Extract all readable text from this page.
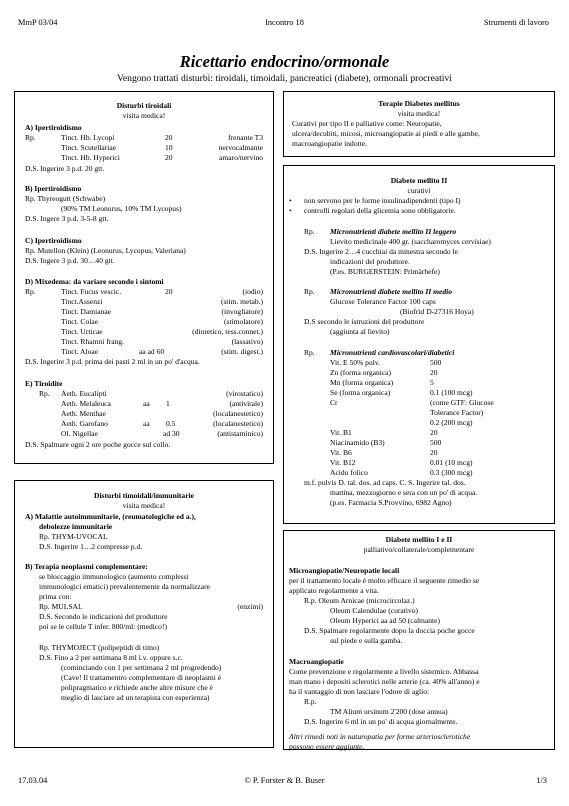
MmP 03/04	Incontro 18	Strumenti di lavoro
Ricettario endocrino/ormonale
Vengono trattati disturbi: tiroidali, timoidali, pancreatici (diabete), ormonali procreativi
Disturbi tiroidali
visita medica!
A) Ipertiroidismo
Rp.	Tinct. Hb. Lycopi	20	frenante T3
Tinct. Scutellariae	10	nervocalmante
Tinct. Hb. Hyperici	20	amaro/nervino
D.S. Ingerire 3 p.d. 20 gtt.
B) Ipertiroidismo
Rp. Thyreogutt (Schwabe)
(90% TM Leonurus, 10% TM Lycopus)
D.S. Ingere 3 p.d. 3-5-8 gtt.
C) Ipertiroidismo
Rp. Mutellon (Klein) (Leonurus, Lycopus, Valeriana)
D.S. Ingere 3 p.d. 30…40 gtt.
D) Mixedema: da variare secondo i sintomi
Rp.	Tinct. Fucus vescic.	20	(iodio)
Tinct.Assenzi	(stim. metab.)
Tinct. Damianae	(invogliatore)
Tinct. Colae	(stimolatore)
Tinct. Urticae	(diuretico, tess.connet.)
Tinct. Rhamni frang.	(lassativo)
Tinct. Aloae	aa ad 60	(stim. digest.)
D.S. Ingerire 3 p.d. prima dei pasti 2 ml in un po' d'acqua.
E) Tiroidite
Rp. Aeth. Eucalipti	(virostatico)
Aeth. Melaleuca	aa 1	(antivirale)
Aeth. Menthae	(localanestetico)
Aeth. Garofano	aa 0.5	(localanestetico)
Ol. Nigellae	ad 30	(antistaminico)
D.S. Spalmare ogni 2 ore poche gocce sul collo.
Disturbi timoidali/immunitarie
visita medica!
A) Malattie autoimmunitarie, (reumatologiche ed a.),
debolezze immunitarie
Rp. THYM-UVOCAL
D.S. Ingerire 1…2 compresse p.d.
B) Terapia neoplasmi complementare:
se bloccaggio immunologico (aumento complessi
immunologici ematici) prevalentemente da normalizzare
prima con:
Rp. MULSAL	(enzimi)
D.S. Secondo le indicazioni del produttore
poi se le cellule T infer. 800/ml: (medico!)
Rp. THYMOJECT (polipeptidi di timo)
D.S. Fino a 2 per settimana 8 ml i.v. oppure s.c.
(cominciando con 1 per settimana 2 ml progredendo)
(Cave! Il trattamentro complementare di neoplasmi è
polipragmatico e richiede anche altre misure che è
meglio di lasciare ad un terapista con esperienza)
Terapie Diabetes mellitus
visita medica!
Curativi per tipo II e palliative come: Neuropatie,
ulcera/decubiti, micosi, microangiopatie ai piedi e alle gambe,
macroangiopatie indotte.
Diabete mellito II
curativi
• non servono per le forme insulinadipendenti (tipo I)
• controlli regolari della glicemia sono obbligatorie.
Rp. Micronutrienti diabete mellito II leggero
Lievito medicinale 400 gr. (saccharomyces cervisiae)
D.S. Ingerire 2…4 cucchiai da minestra secondo le
indicazioni del produttore.
(P.es. BURGERSTEIN: Primärhefe)
Rp. Micronutrienti diabete mellito II medio
Glucose Tolerance Factor 100 caps
(Biofrid D-27316 Hoya)
D.S secondo le istruzioni del produttore
(aggiunta al lievito)
Rp. Micronutrienti cardiovascolari/diabetici
Vit. E 50% pulv.	500
Zn (forma organica)	20
Mn (forma organica)	5
Se (forma organica)	0.1 (100 mcg)
Cr	(come GTF: Glucose
Tolerance Factor)
0.2 (200 mcg)
Vit. B1	20
Niacinamido (B3)	500
Vit. B6	20
Vit. B12	0.01 (10 mcg)
Acido folico	0.3 (300 mcg)
m.f. pulvis D. tal. dos. ad caps. C. S. Ingerire tal. dos.
mattina, mezzogiorno e sera con un po' di acqua.
(p.es. Farmacia S.Provvino, 6982 Agno)
Diabete mellito I e II
palliativo/collaterale/complementare
Microangiopatie/Neuropatie locali
per il trattamento locale è molto efficace il seguente rimedio se
applicato regolarmente a vita.
R.p. Oleum Arnicae (microcircolaz.)
Oleum Calendulae (curativo)
Oleum Hyperici aa ad 50 (calmante)
D.S. Spalmare regolarmente dopo la doccia poche gocce
sul piede e sulla gamba.
Macroangiopatie
Come prevenzione e regolarmente a livello sistemico. Abbassa
man mano i depositi sclerotici nelle arterie (ca. 40% all'anno) e
ha il vantaggio di non lasciare l'odore di aglio:
R.p.
TM Alium ursinum 2'200 (dose annua)
D.S. Ingerire 6 ml in un po' di acqua giornalmente.
Altri rimedi noti in naturopatia per forme arteriosclerotiche
possono essere aggiunte.
17.03.04	© P. Forster & B. Buser	1/3
